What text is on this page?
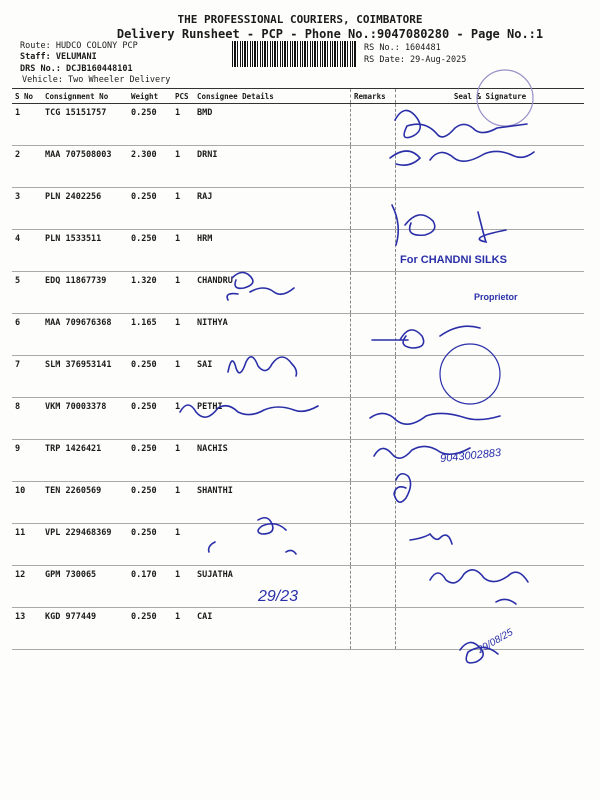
THE PROFESSIONAL COURIERS, COIMBATORE
Delivery Runsheet - PCP - Phone No.:9047080280 - Page No.:1
Route: HUDCO COLONY PCP
Staff: VELUMANI
DRS No.: DCJB160448101
Vehicle: Two Wheeler Delivery
RS No.: 1604481
RS Date: 29-Aug-2025
S No	Consignment No	Weight	PCS	Consignee Details	Remarks	Seal & Signature
1	TCG 15151757	0.250	1	BMD		
2	MAA 707508003	2.300	1	DRNI		
3	PLN 2402256	0.250	1	RAJ		
4	PLN 1533511	0.250	1	HRM		
5	EDQ 11867739	1.320	1	CHANDRU		
6	MAA 709676368	1.165	1	NITHYA		
7	SLM 376953141	0.250	1	SAI		
8	VKM 70003378	0.250	1	PETHI		
9	TRP 1426421	0.250	1	NACHIS		
10	TEN 2260569	0.250	1	SHANTHI		
11	VPL 229468369	0.250	1			
12	GPM 730065	0.170	1	SUJATHA		
13	KGD 977449	0.250	1	CAI		
For CHANDNI SILKS
Proprietor
9043002883
29/23
29/08/25
